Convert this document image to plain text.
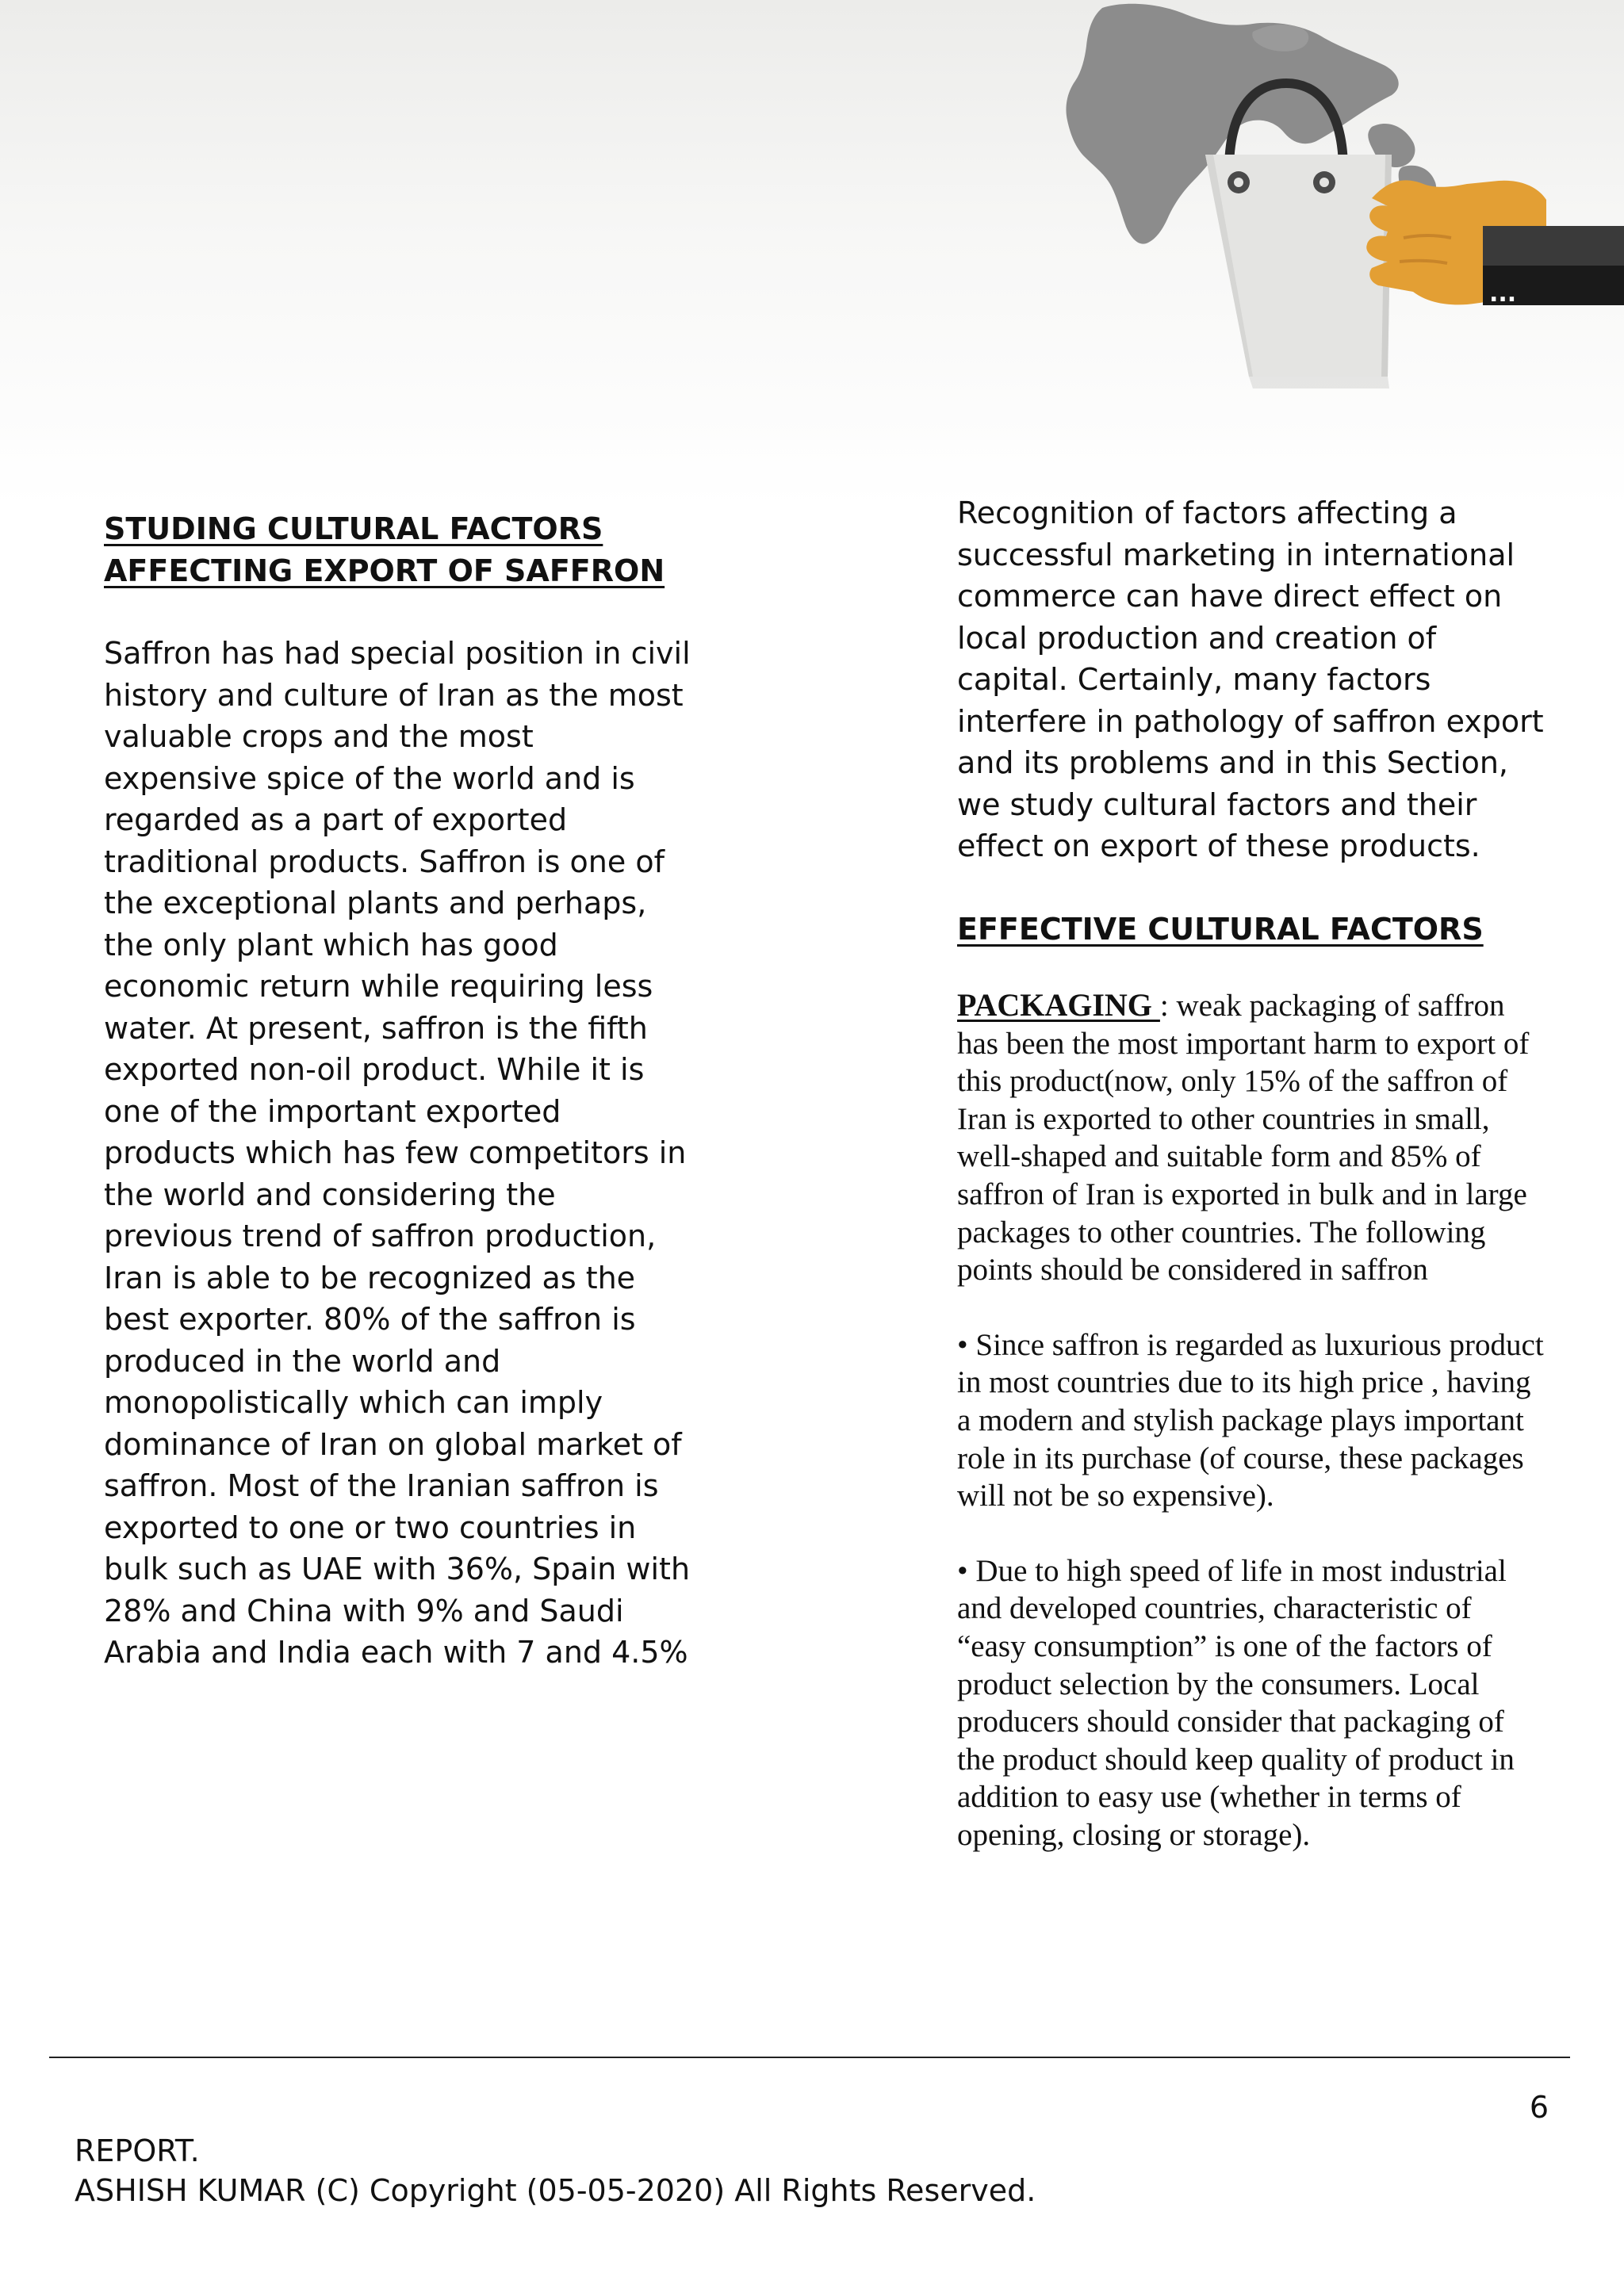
...
STUDING CULTURAL FACTORS
AFFECTING EXPORT OF SAFFRON

Saffron has had special position in civil history and culture of Iran as the most valuable crops and the most expensive spice of the world and is regarded as a part of exported traditional products. Saffron is one of the exceptional plants and perhaps, the only plant which has good economic return while requiring less water. At present, saffron is the fifth exported non-oil product. While it is one of the important exported products which has few competitors in the world and considering the previous trend of saffron production, Iran is able to be recognized as the best exporter. 80% of the saffron is produced in the world and monopolistically which can imply dominance of Iran on global market of saffron. Most of the Iranian saffron is exported to one or two countries in bulk such as UAE with 36%, Spain with 28% and China with 9% and Saudi Arabia and India each with 7 and 4.5%

Recognition of factors affecting a successful marketing in international commerce can have direct effect on local production and creation of capital. Certainly, many factors interfere in pathology of saffron export and its problems and in this Section, we study cultural factors and their effect on export of these products.

EFFECTIVE CULTURAL FACTORS
PACKAGING : weak packaging of saffron has been the most important harm to export of this product(now, only 15% of the saffron of Iran is exported to other countries in small, well-shaped and suitable form and 85% of saffron of Iran is exported in bulk and in large packages to other countries. The following points should be considered in saffron
• Since saffron is regarded as luxurious product in most countries due to its high price , having a modern and stylish package plays important role in its purchase (of course, these packages will not be so expensive).
• Due to high speed of life in most industrial and developed countries, characteristic of “easy consumption” is one of the factors of product selection by the consumers. Local producers should consider that packaging of the product should keep quality of product in addition to easy use (whether in terms of opening, closing or storage).
6
REPORT.
ASHISH KUMAR (C) Copyright (05-05-2020) All Rights Reserved.
